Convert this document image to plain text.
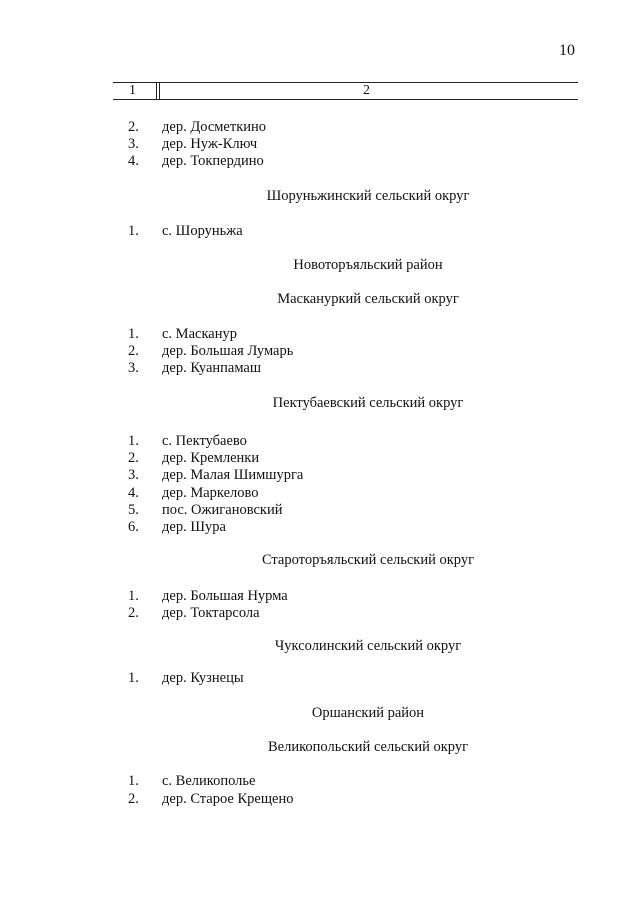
10
1	2
2. дер. Досметкино
3. дер. Нуж-Ключ
4. дер. Токпердино
Шоруньжинский сельский округ
1. с. Шоруньжа
Новоторъяльский район
Маскануркий сельский округ
1. с. Масканур
2. дер. Большая Лумарь
3. дер. Куанпамаш
Пектубаевский сельский округ
1. с. Пектубаево
2. дер. Кремленки
3. дер. Малая Шимшурга
4. дер. Маркелово
5. пос. Ожигановский
6. дер. Шура
Староторъяльский сельский округ
1. дер. Большая Нурма
2. дер. Токтарсола
Чуксолинский сельский округ
1. дер. Кузнецы
Оршанский район
Великопольский сельский округ
1. с. Великополье
2. дер. Старое Крещено
